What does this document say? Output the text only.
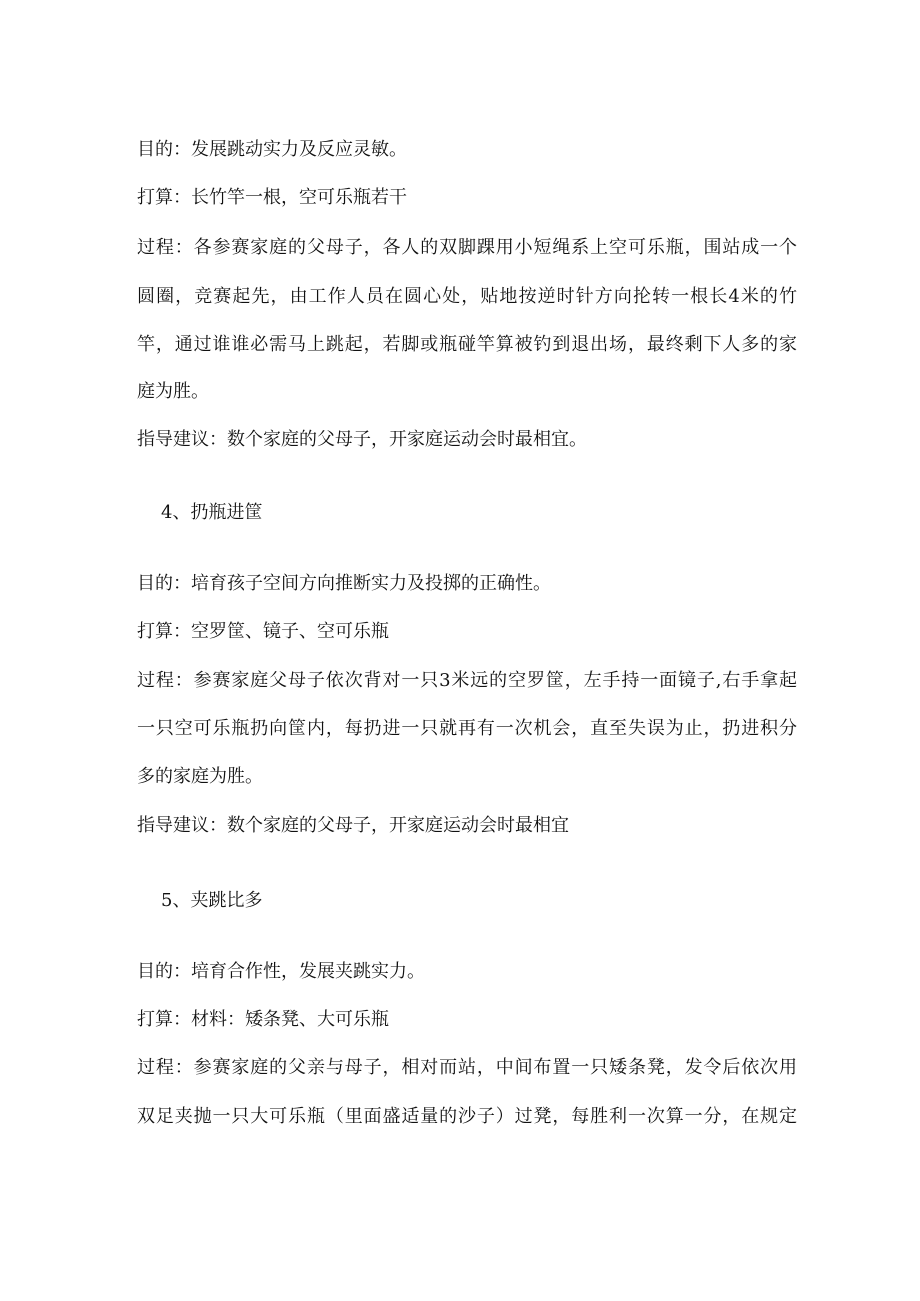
目的：发展跳动实力及反应灵敏。
打算：长竹竿一根，空可乐瓶若干
过程：各参赛家庭的父母子，各人的双脚踝用小短绳系上空可乐瓶，围站成一个
圆圈，竞赛起先，由工作人员在圆心处，贴地按逆时针方向抡转一根长4米的竹
竿，通过谁谁必需马上跳起，若脚或瓶碰竿算被钓到退出场，最终剩下人多的家
庭为胜。
指导建议：数个家庭的父母子，开家庭运动会时最相宜。
4、扔瓶进筐
目的：培育孩子空间方向推断实力及投掷的正确性。
打算：空罗筐、镜子、空可乐瓶
过程：参赛家庭父母子依次背对一只3米远的空罗筐，左手持一面镜子,右手拿起
一只空可乐瓶扔向筐内，每扔进一只就再有一次机会，直至失误为止，扔进积分
多的家庭为胜。
指导建议：数个家庭的父母子，开家庭运动会时最相宜
5、夹跳比多
目的：培育合作性，发展夹跳实力。
打算：材料：矮条凳、大可乐瓶
过程：参赛家庭的父亲与母子，相对而站，中间布置一只矮条凳，发令后依次用
双足夹抛一只大可乐瓶（里面盛适量的沙子）过凳，每胜利一次算一分，在规定
